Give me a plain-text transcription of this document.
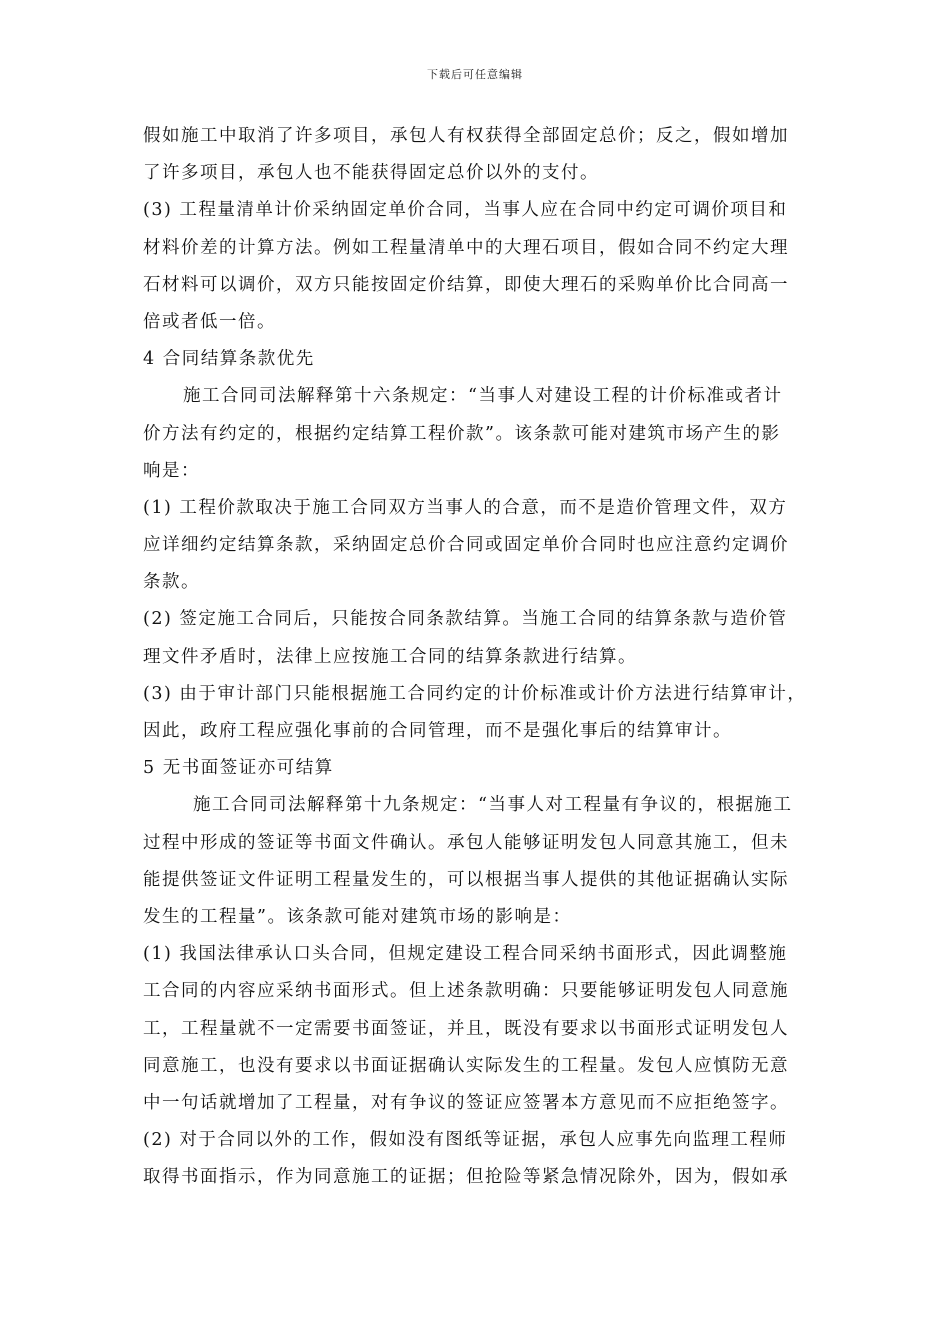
下载后可任意编辑
假如施工中取消了许多项目，承包人有权获得全部固定总价；反之，假如增加
了许多项目，承包人也不能获得固定总价以外的支付。
(3) 工程量清单计价采纳固定单价合同，当事人应在合同中约定可调价项目和
材料价差的计算方法。例如工程量清单中的大理石项目，假如合同不约定大理
石材料可以调价，双方只能按固定价结算，即使大理石的采购单价比合同高一
倍或者低一倍。
4 合同结算条款优先
施工合同司法解释第十六条规定：“当事人对建设工程的计价标准或者计
价方法有约定的，根据约定结算工程价款”。该条款可能对建筑市场产生的影
响是：
(1) 工程价款取决于施工合同双方当事人的合意，而不是造价管理文件，双方
应详细约定结算条款，采纳固定总价合同或固定单价合同时也应注意约定调价
条款。
(2) 签定施工合同后，只能按合同条款结算。当施工合同的结算条款与造价管
理文件矛盾时，法律上应按施工合同的结算条款进行结算。
(3) 由于审计部门只能根据施工合同约定的计价标准或计价方法进行结算审计，
因此，政府工程应强化事前的合同管理，而不是强化事后的结算审计。
5 无书面签证亦可结算
施工合同司法解释第十九条规定：“当事人对工程量有争议的，根据施工
过程中形成的签证等书面文件确认。承包人能够证明发包人同意其施工，但未
能提供签证文件证明工程量发生的，可以根据当事人提供的其他证据确认实际
发生的工程量”。该条款可能对建筑市场的影响是：
(1) 我国法律承认口头合同，但规定建设工程合同采纳书面形式，因此调整施
工合同的内容应采纳书面形式。但上述条款明确：只要能够证明发包人同意施
工，工程量就不一定需要书面签证，并且，既没有要求以书面形式证明发包人
同意施工，也没有要求以书面证据确认实际发生的工程量。发包人应慎防无意
中一句话就增加了工程量，对有争议的签证应签署本方意见而不应拒绝签字。
(2) 对于合同以外的工作，假如没有图纸等证据，承包人应事先向监理工程师
取得书面指示，作为同意施工的证据；但抢险等紧急情况除外，因为，假如承
